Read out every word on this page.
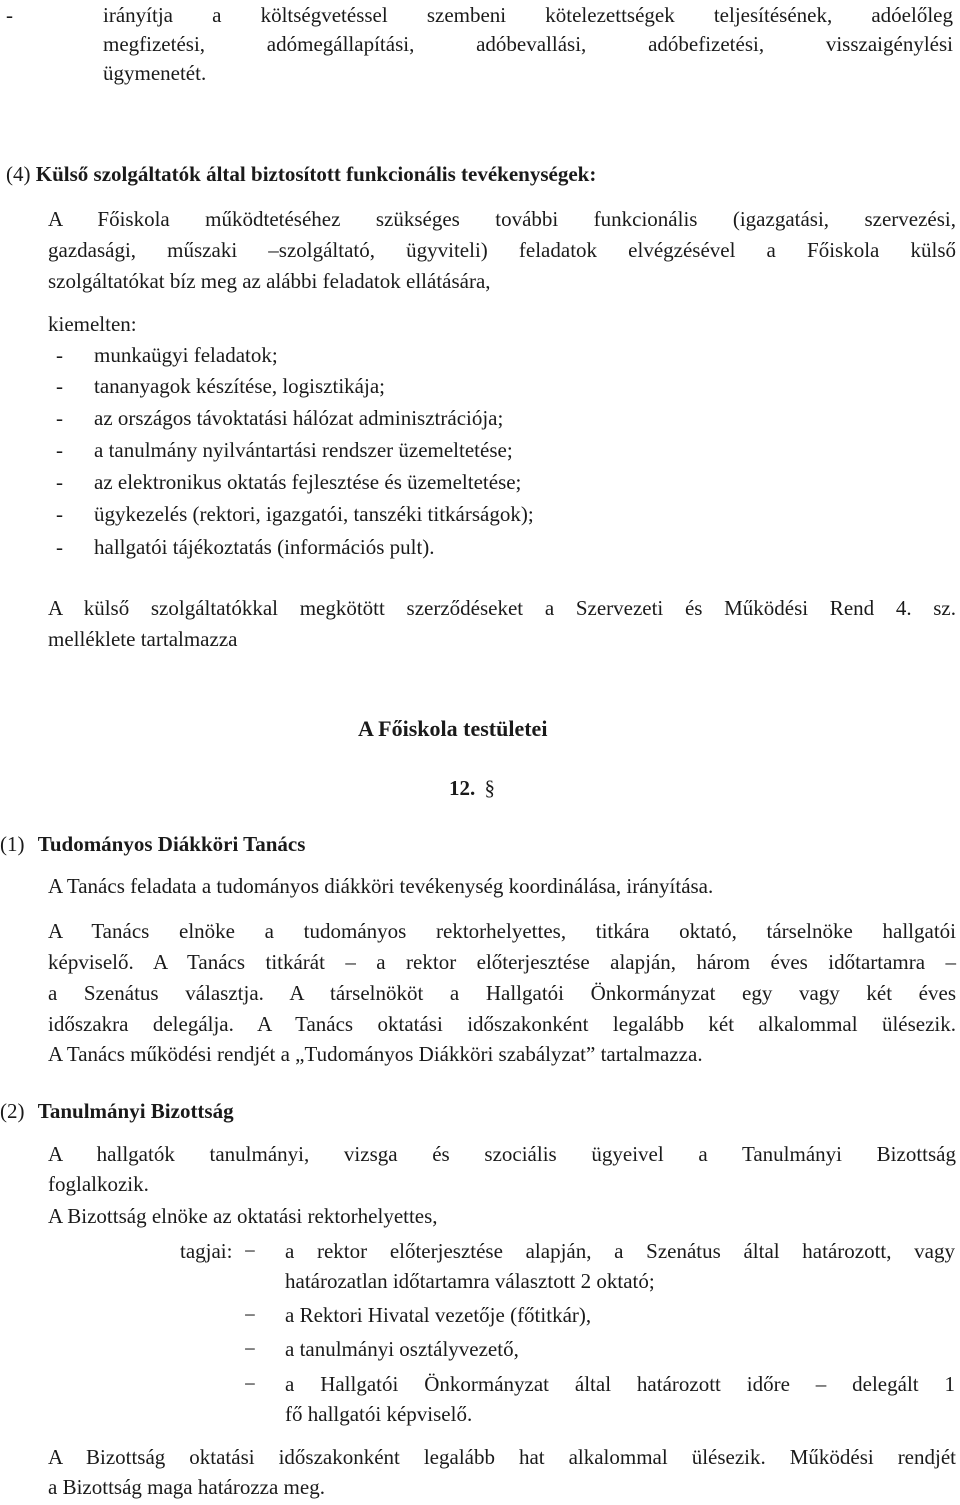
-	irányítja a költségvetéssel szembeni kötelezettségek teljesítésének, adóelőleg
megfizetési, adómegállapítási, adóbevallási, adóbefizetési, visszaigénylési
ügymenetét.
(4) Külső szolgáltatók által biztosított funkcionális tevékenységek:
A Főiskola működtetéséhez szükséges további funkcionális (igazgatási, szervezési,
gazdasági, műszaki –szolgáltató, ügyviteli) feladatok elvégzésével a Főiskola külső
szolgáltatókat bíz meg az alábbi feladatok ellátására,
kiemelten:
- munkaügyi feladatok;
- tananyagok készítése, logisztikája;
- az országos távoktatási hálózat adminisztrációja;
- a tanulmány nyilvántartási rendszer üzemeltetése;
- az elektronikus oktatás fejlesztése és üzemeltetése;
- ügykezelés (rektori, igazgatói, tanszéki titkárságok);
- hallgatói tájékoztatás (információs pult).
A külső szolgáltatókkal megkötött szerződéseket a Szervezeti és Működési Rend 4. sz.
melléklete tartalmazza
A Főiskola testületei
12. §
(1) Tudományos Diákköri Tanács
A Tanács feladata a tudományos diákköri tevékenység koordinálása, irányítása.
A Tanács elnöke a tudományos rektorhelyettes, titkára oktató, társelnöke hallgatói
képviselő. A Tanács titkárát – a rektor előterjesztése alapján, három éves időtartamra –
a Szenátus választja. A társelnököt a Hallgatói Önkormányzat egy vagy két éves
időszakra delegálja. A Tanács oktatási időszakonként legalább két alkalommal ülésezik.
A Tanács működési rendjét a „Tudományos Diákköri szabályzat” tartalmazza.
(2) Tanulmányi Bizottság
A hallgatók tanulmányi, vizsga és szociális ügyeivel a Tanulmányi Bizottság
foglalkozik.
A Bizottság elnöke az oktatási rektorhelyettes,
tagjai: − a rektor előterjesztése alapján, a Szenátus által határozott, vagy
határozatlan időtartamra választott 2 oktató;
− a Rektori Hivatal vezetője (főtitkár),
− a tanulmányi osztályvezető,
− a Hallgatói Önkormányzat által határozott időre – delegált 1
fő hallgatói képviselő.
A Bizottság oktatási időszakonként legalább hat alkalommal ülésezik. Működési rendjét
a Bizottság maga határozza meg.
